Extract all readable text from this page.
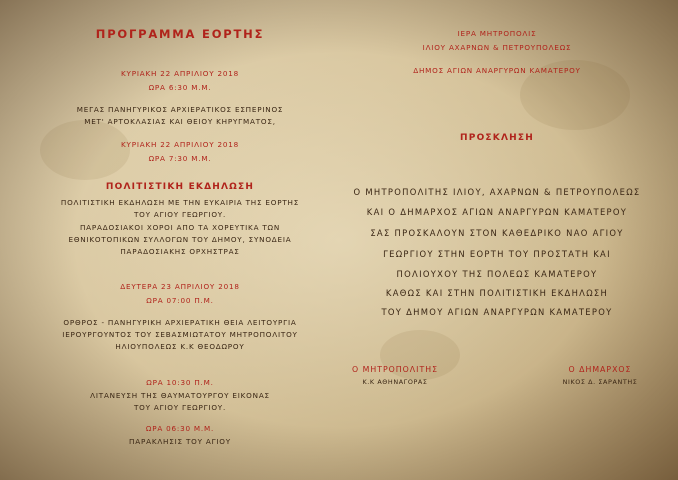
ΠΡΟΓΡΑΜΜΑ ΕΟΡΤΗΣ

ΚΥΡΙΑΚΗ 22 ΑΠΡΙΛΙΟΥ 2018

ΩΡΑ 6:30 Μ.Μ.

ΜΕΓΑΣ ΠΑΝΗΓΥΡΙΚΟΣ ΑΡΧΙΕΡΑΤΙΚΟΣ ΕΣΠΕΡΙΝΟΣ

ΜΕΤ' ΑΡΤΟΚΛΑΣΙΑΣ ΚΑΙ ΘΕΙΟΥ ΚΗΡΥΓΜΑΤΟΣ,

ΚΥΡΙΑΚΗ 22 ΑΠΡΙΛΙΟΥ 2018

ΩΡΑ 7:30 Μ.Μ.

ΠΟΛΙΤΙΣΤΙΚΗ ΕΚΔΗΛΩΣΗ

ΠΟΛΙΤΙΣΤΙΚΗ ΕΚΔΗΛΩΣΗ ΜΕ ΤΗΝ ΕΥΚΑΙΡΙΑ ΤΗΣ ΕΟΡΤΗΣ

ΤΟΥ ΑΓΙΟΥ ΓΕΩΡΓΙΟΥ.

ΠΑΡΑΔΟΣΙΑΚΟΙ ΧΟΡΟΙ ΑΠΟ ΤΑ ΧΟΡΕΥΤΙΚΑ ΤΩΝ

ΕΘΝΙΚΟΤΟΠΙΚΩΝ ΣΥΛΛΟΓΩΝ ΤΟΥ ΔΗΜΟΥ, ΣΥΝΟΔΕΙΑ

ΠΑΡΑΔΟΣΙΑΚΗΣ ΟΡΧΗΣΤΡΑΣ

ΔΕΥΤΕΡΑ 23 ΑΠΡΙΛΙΟΥ 2018

ΩΡΑ 07:00 Π.Μ.

ΟΡΘΡΟΣ - ΠΑΝΗΓΥΡΙΚΗ ΑΡΧΙΕΡΑΤΙΚΗ ΘΕΙΑ ΛΕΙΤΟΥΡΓΙΑ

ΙΕΡΟΥΡΓΟΥΝΤΟΣ ΤΟΥ ΣΕΒΑΣΜΙΩΤΑΤΟΥ ΜΗΤΡΟΠΟΛΙΤΟΥ

ΗΛΙΟΥΠΟΛΕΩΣ Κ.Κ ΘΕΟΔΩΡΟΥ

ΩΡΑ 10:30 Π.Μ.

ΛΙΤΑΝΕΥΣΗ ΤΗΣ ΘΑΥΜΑΤΟΥΡΓΟΥ ΕΙΚΟΝΑΣ

ΤΟΥ ΑΓΙΟΥ ΓΕΩΡΓΙΟΥ.

ΩΡΑ 06:30 Μ.Μ.

ΠΑΡΑΚΛΗΣΙΣ ΤΟΥ ΑΓΙΟΥ

ΙΕΡΑ ΜΗΤΡΟΠΟΛΙΣ

ΙΛΙΟΥ ΑΧΑΡΝΩΝ & ΠΕΤΡΟΥΠΟΛΕΩΣ

ΔΗΜΟΣ ΑΓΙΩΝ ΑΝΑΡΓΥΡΩΝ ΚΑΜΑΤΕΡΟΥ

ΠΡΟΣΚΛΗΣΗ

Ο ΜΗΤΡΟΠΟΛΙΤΗΣ ΙΛΙΟΥ, ΑΧΑΡΝΩΝ & ΠΕΤΡΟΥΠΟΛΕΩΣ

ΚΑΙ Ο ΔΗΜΑΡΧΟΣ ΑΓΙΩΝ ΑΝΑΡΓΥΡΩΝ ΚΑΜΑΤΕΡΟΥ

ΣΑΣ ΠΡΟΣΚΑΛΟΥΝ ΣΤΟΝ ΚΑΘΕΔΡΙΚΟ ΝΑΟ ΑΓΙΟΥ

ΓΕΩΡΓΙΟΥ ΣΤΗΝ ΕΟΡΤΗ ΤΟΥ ΠΡΟΣΤΑΤΗ ΚΑΙ

ΠΟΛΙΟΥΧΟΥ ΤΗΣ ΠΟΛΕΩΣ ΚΑΜΑΤΕΡΟΥ

ΚΑΘΩΣ ΚΑΙ ΣΤΗΝ ΠΟΛΙΤΙΣΤΙΚΗ ΕΚΔΗΛΩΣΗ

ΤΟΥ ΔΗΜΟΥ ΑΓΙΩΝ ΑΝΑΡΓΥΡΩΝ ΚΑΜΑΤΕΡΟΥ

Ο ΜΗΤΡΟΠΟΛΙΤΗΣ

Κ.Κ ΑΘΗΝΑΓΟΡΑΣ

Ο ΔΗΜΑΡΧΟΣ

ΝΙΚΟΣ Δ. ΣΑΡΑΝΤΗΣ
